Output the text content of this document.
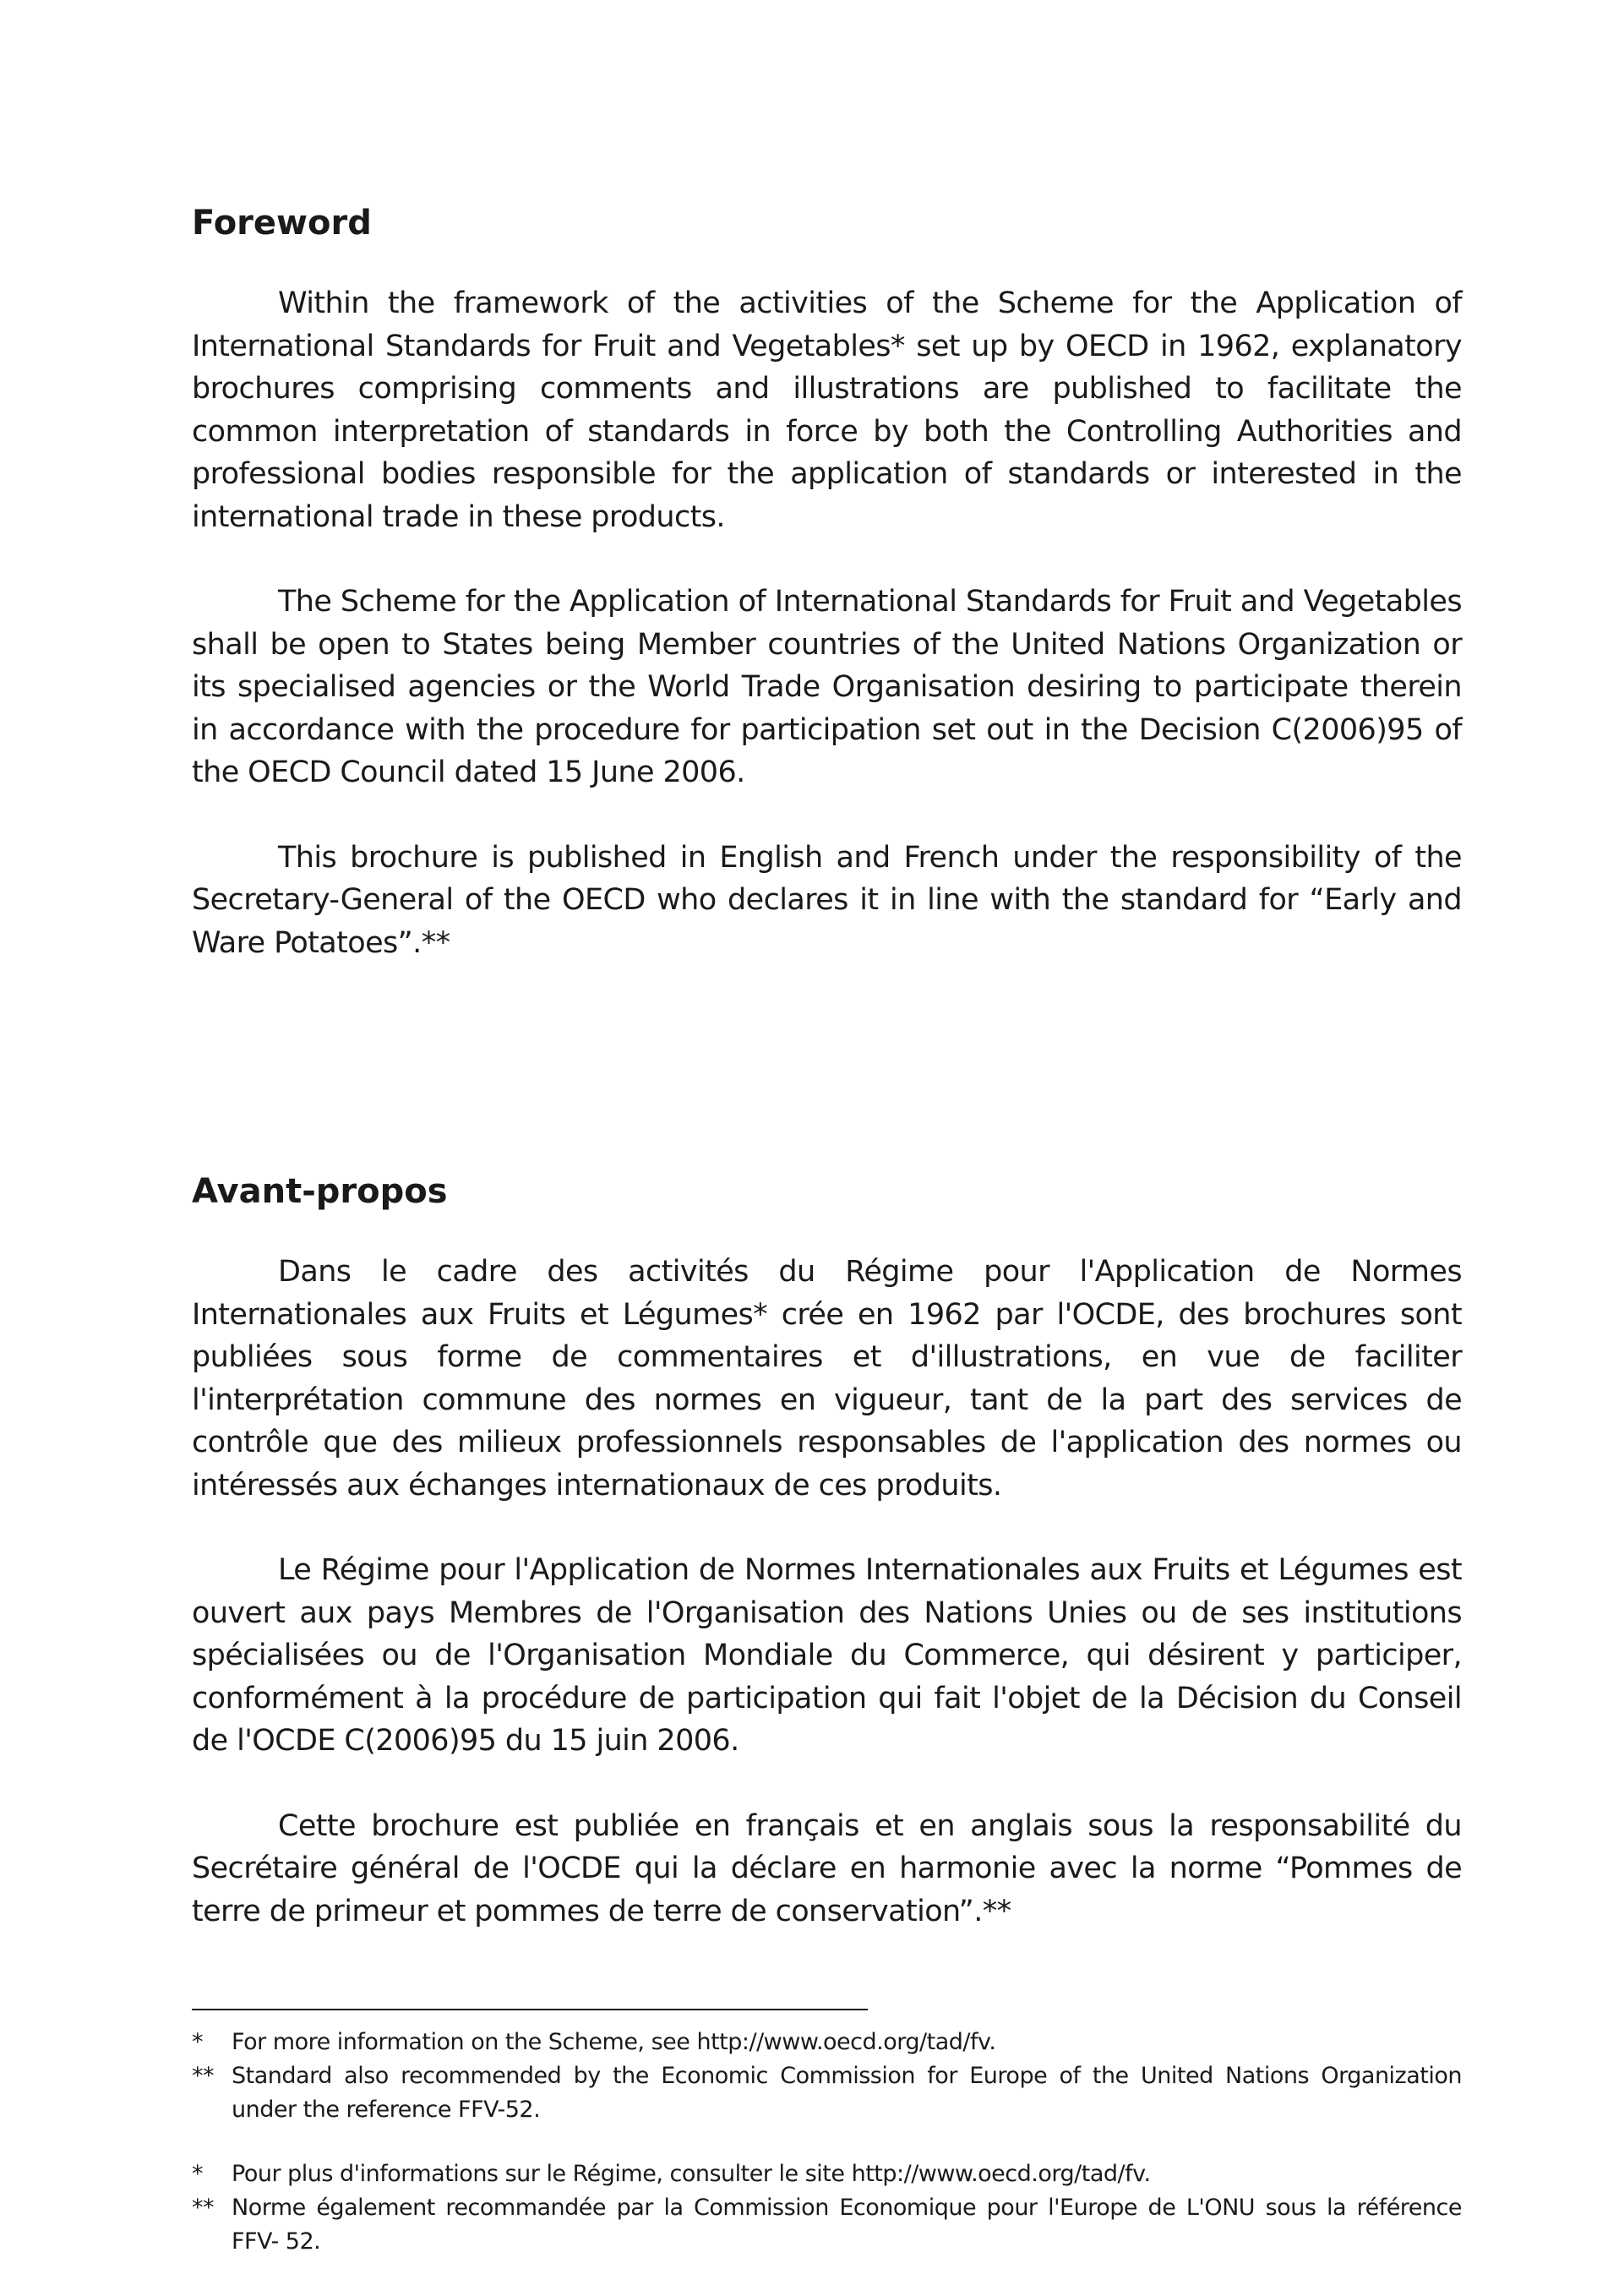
Foreword

Within the framework of the activities of the Scheme for the Application of International Standards for Fruit and Vegetables* set up by OECD in 1962, explanatory brochures comprising comments and illustrations are published to facilitate the common interpretation of standards in force by both the Controlling Authorities and professional bodies responsible for the application of standards or interested in the international trade in these products.

The Scheme for the Application of International Standards for Fruit and Vegetables shall be open to States being Member countries of the United Nations Organization or its specialised agencies or the World Trade Organisation desiring to participate therein in accordance with the procedure for participation set out in the Decision C(2006)95 of the OECD Council dated 15 June 2006.

This brochure is published in English and French under the responsibility of the Secretary-General of the OECD who declares it in line with the standard for “Early and Ware Potatoes”.**

Avant-propos

Dans le cadre des activités du Régime pour l'Application de Normes Internationales aux Fruits et Légumes* crée en 1962 par l'OCDE, des brochures sont publiées sous forme de commentaires et d'illustrations, en vue de faciliter l'interprétation commune des normes en vigueur, tant de la part des services de contrôle que des milieux professionnels responsables de l'application des normes ou intéressés aux échanges internationaux de ces produits.

Le Régime pour l'Application de Normes Internationales aux Fruits et Légumes est ouvert aux pays Membres de l'Organisation des Nations Unies ou de ses institutions spécialisées ou de l'Organisation Mondiale du Commerce, qui désirent y participer, conformément à la procédure de participation qui fait l'objet de la Décision du Conseil de l'OCDE C(2006)95 du 15 juin 2006.

Cette brochure est publiée en français et en anglais sous la responsabilité du Secrétaire général de l'OCDE qui la déclare en harmonie avec la norme “Pommes de terre de primeur et pommes de terre de conservation”.**

*	For more information on the Scheme, see http://www.oecd.org/tad/fv.
** Standard also recommended by the Economic Commission for Europe of the United Nations Organization under the reference FFV-52.
*	Pour plus d'informations sur le Régime, consulter le site http://www.oecd.org/tad/fv.
** Norme également recommandée par la Commission Economique pour l'Europe de L'ONU sous la référence FFV- 52.
